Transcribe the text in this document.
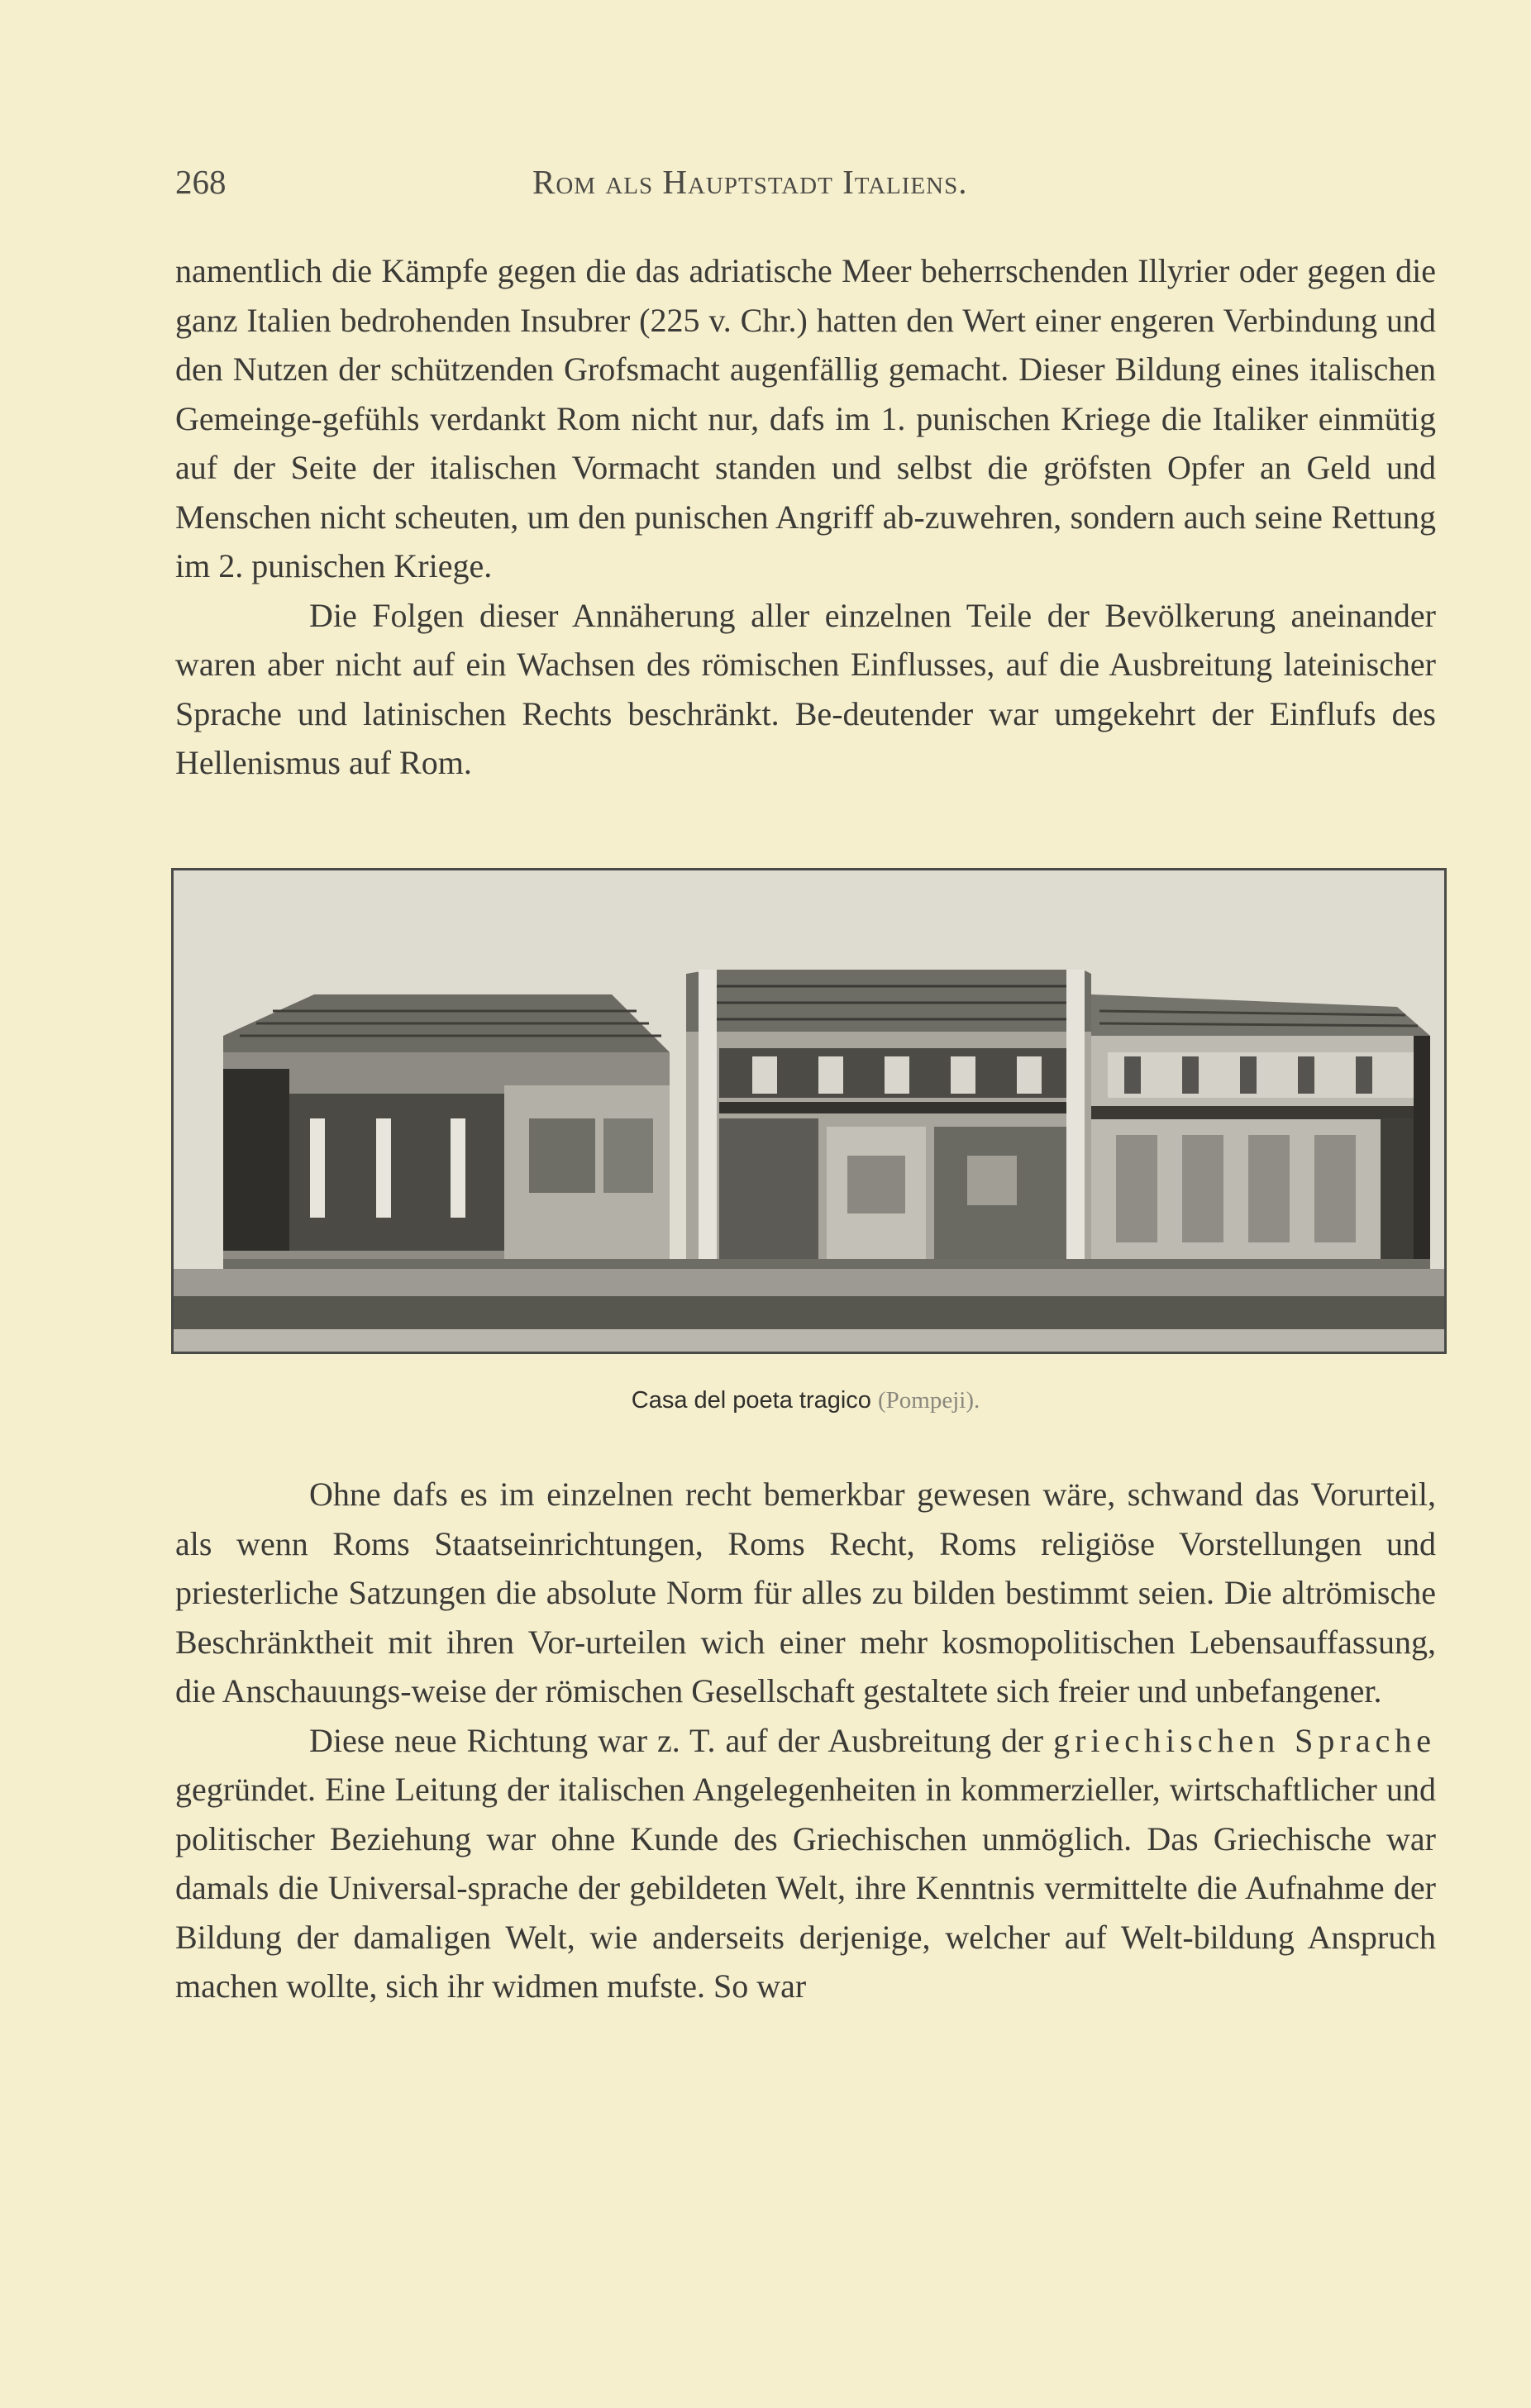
268	Rom als Hauptstadt Italiens.

namentlich die Kämpfe gegen die das adriatische Meer beherrschenden Illyrier oder gegen die ganz Italien bedrohenden Insubrer (225 v. Chr.) hatten den Wert einer engeren Verbindung und den Nutzen der schützenden Grofsmacht augenfällig gemacht. Dieser Bildung eines italischen Gemeinge-gefühls verdankt Rom nicht nur, dafs im 1. punischen Kriege die Italiker einmütig auf der Seite der italischen Vormacht standen und selbst die gröfsten Opfer an Geld und Menschen nicht scheuten, um den punischen Angriff ab-zuwehren, sondern auch seine Rettung im 2. punischen Kriege.

Die Folgen dieser Annäherung aller einzelnen Teile der Bevölkerung aneinander waren aber nicht auf ein Wachsen des römischen Einflusses, auf die Ausbreitung lateinischer Sprache und latinischen Rechts beschränkt. Be-deutender war umgekehrt der Einflufs des Hellenismus auf Rom.

Casa del poeta tragico (Pompeji).

Ohne dafs es im einzelnen recht bemerkbar gewesen wäre, schwand das Vorurteil, als wenn Roms Staatseinrichtungen, Roms Recht, Roms religiöse Vorstellungen und priesterliche Satzungen die absolute Norm für alles zu bilden bestimmt seien. Die altrömische Beschränktheit mit ihren Vor-urteilen wich einer mehr kosmopolitischen Lebensauffassung, die Anschauungs-weise der römischen Gesellschaft gestaltete sich freier und unbefangener.

Diese neue Richtung war z. T. auf der Ausbreitung der griechischen Sprache gegründet. Eine Leitung der italischen Angelegenheiten in kommerzieller, wirtschaftlicher und politischer Beziehung war ohne Kunde des Griechischen unmöglich. Das Griechische war damals die Universal-sprache der gebildeten Welt, ihre Kenntnis vermittelte die Aufnahme der Bildung der damaligen Welt, wie anderseits derjenige, welcher auf Welt-bildung Anspruch machen wollte, sich ihr widmen mufste. So war
